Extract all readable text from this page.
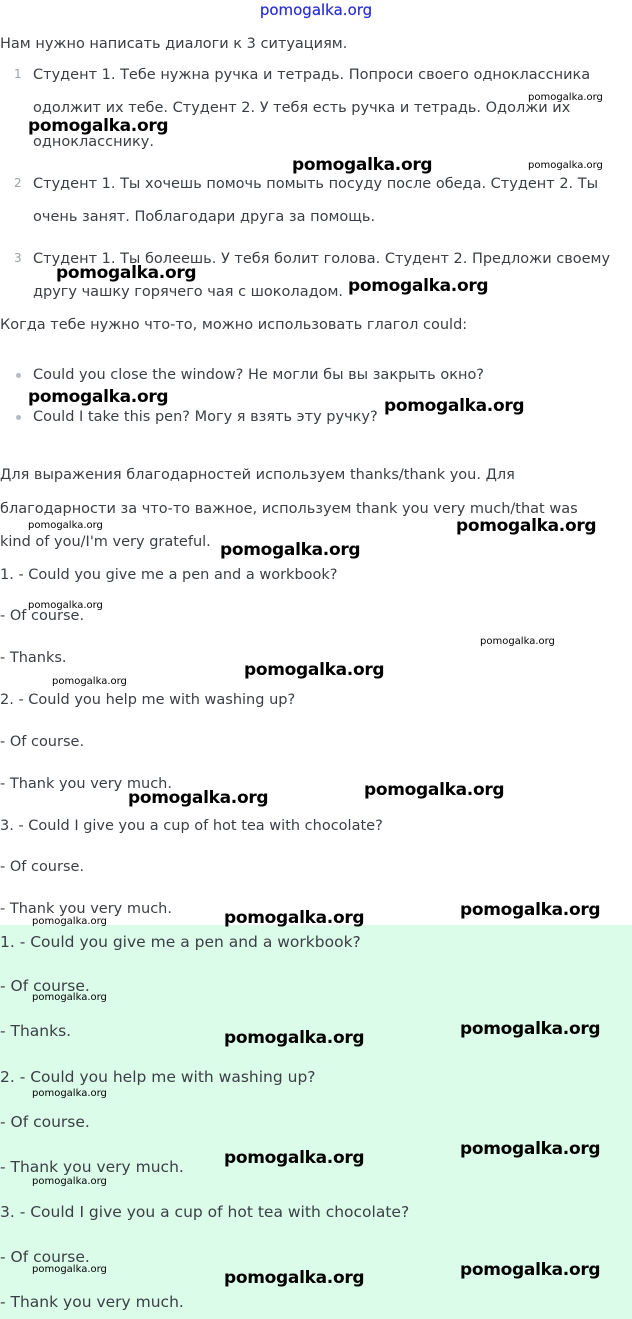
pomogalka.org
Нам нужно написать диалоги к 3 ситуациям.
1 Студент 1. Тебе нужна ручка и тетрадь. Попроси своего одноклассника
одолжит их тебе. Студент 2. У тебя есть ручка и тетрадь. Одолжи их
однокласснику.
2 Студент 1. Ты хочешь помочь помыть посуду после обеда. Студент 2. Ты
очень занят. Поблагодари друга за помощь.
3 Студент 1. Ты болеешь. У тебя болит голова. Студент 2. Предложи своему
другу чашку горячего чая с шоколадом.
Когда тебе нужно что-то, можно использовать глагол could:
Could you close the window? Не могли бы вы закрыть окно?
Could I take this pen? Могу я взять эту ручку?
Для выражения благодарностей используем thanks/thank you. Для
благодарности за что-то важное, используем thank you very much/that was
kind of you/I'm very grateful.
1. - Could you give me a pen and a workbook?
- Of course.
- Thanks.
2. - Could you help me with washing up?
- Of course.
- Thank you very much.
3. - Could I give you a cup of hot tea with chocolate?
- Of course.
- Thank you very much.
1. - Could you give me a pen and a workbook?
- Of course.
- Thanks.
2. - Could you help me with washing up?
- Of course.
- Thank you very much.
3. - Could I give you a cup of hot tea with chocolate?
- Of course.
- Thank you very much.
pomogalka.org
pomogalka.org
pomogalka.org	pomogalka.org
pomogalka.org
pomogalka.org
pomogalka.org	pomogalka.org
pomogalka.org	pomogalka.org
pomogalka.org
pomogalka.org
pomogalka.org
pomogalka.org
pomogalka.org
pomogalka.org
pomogalka.org
pomogalka.org
pomogalka.org
pomogalka.org
pomogalka.org
pomogalka.org
pomogalka.org
pomogalka.org
pomogalka.org
pomogalka.org
pomogalka.org
pomogalka.org	pomogalka.org
pomogalka.org
